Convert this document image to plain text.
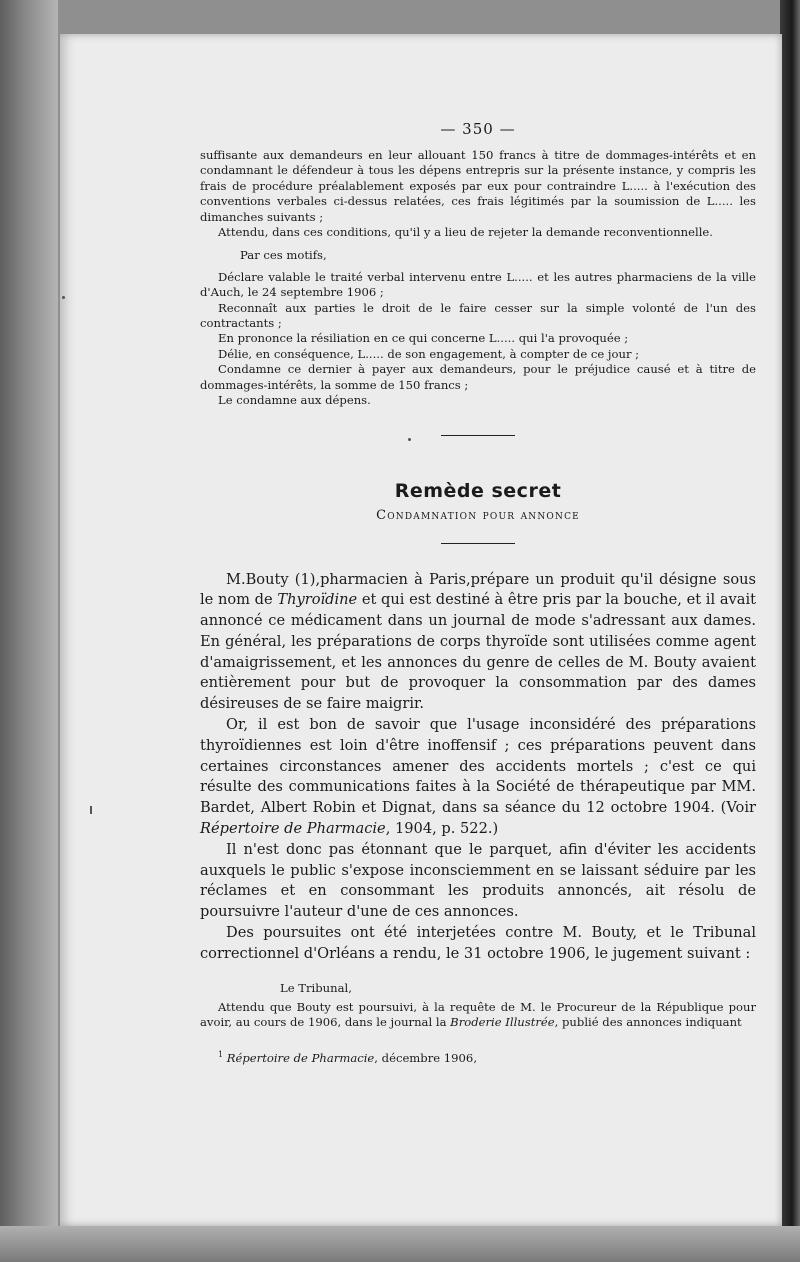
— 350 —

suffisante aux demandeurs en leur allouant 150 francs à titre de dommages-intérêts et en condamnant le défendeur à tous les dépens entrepris sur la présente instance, y compris les frais de procédure préalablement exposés par eux pour contraindre L..... à l'exécution des conventions verbales ci-dessus relatées, ces frais légitimés par la soumission de L..... les dimanches suivants ;

Attendu, dans ces conditions, qu'il y a lieu de rejeter la demande reconventionnelle.

Par ces motifs,

Déclare valable le traité verbal intervenu entre L..... et les autres pharmaciens de la ville d'Auch, le 24 septembre 1906 ;

Reconnaît aux parties le droit de le faire cesser sur la simple volonté de l'un des contractants ;

En prononce la résiliation en ce qui concerne L..... qui l'a provoquée ;

Délie, en conséquence, L..... de son engagement, à compter de ce jour ;

Condamne ce dernier à payer aux demandeurs, pour le préjudice causé et à titre de dommages-intérêts, la somme de 150 francs ;

Le condamne aux dépens.

Remède secret
Condamnation pour annonce

M.Bouty (1),pharmacien à Paris,prépare un produit qu'il désigne sous le nom de Thyroïdine et qui est destiné à être pris par la bouche, et il avait annoncé ce médicament dans un journal de mode s'adressant aux dames. En général, les préparations de corps thyroïde sont utilisées comme agent d'amaigrissement, et les annonces du genre de celles de M. Bouty avaient entièrement pour but de provoquer la consommation par des dames désireuses de se faire maigrir.

Or, il est bon de savoir que l'usage inconsidéré des préparations thyroïdiennes est loin d'être inoffensif ; ces préparations peuvent dans certaines circonstances amener des accidents mortels ; c'est ce qui résulte des communications faites à la Société de thérapeutique par MM. Bardet, Albert Robin et Dignat, dans sa séance du 12 octobre 1904. (Voir Répertoire de Pharmacie, 1904, p. 522.)

Il n'est donc pas étonnant que le parquet, afin d'éviter les accidents auxquels le public s'expose inconsciemment en se laissant séduire par les réclames et en consommant les produits annoncés, ait résolu de poursuivre l'auteur d'une de ces annonces.

Des poursuites ont été interjetées contre M. Bouty, et le Tribunal correctionnel d'Orléans a rendu, le 31 octobre 1906, le jugement suivant :

Le Tribunal,

Attendu que Bouty est poursuivi, à la requête de M. le Procureur de la République pour avoir, au cours de 1906, dans le journal la Broderie Illustrée, publié des annonces indiquant

$^1$ Répertoire de Pharmacie, décembre 1906,
